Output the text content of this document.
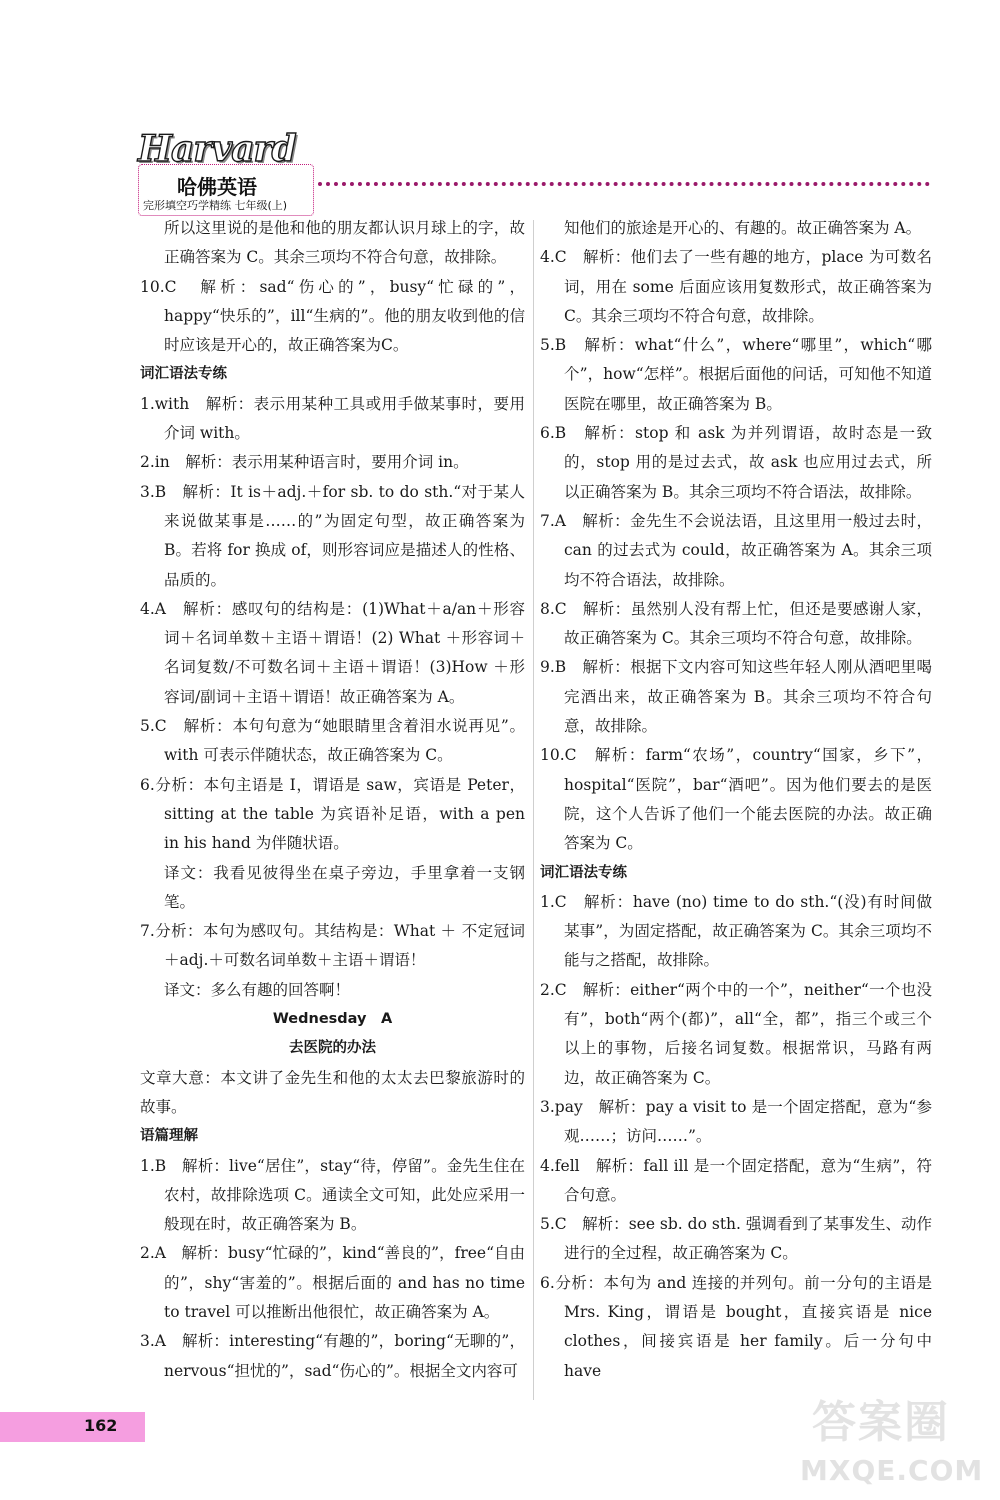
Harvard
哈佛英语
完形填空巧学精练 七年级(上)

所以这里说的是他和他的朋友都认识月球上的字，故正确答案为 C。其余三项均不符合句意，故排除。

10.C　解析：sad“伤心的”，busy“忙碌的”，happy“快乐的”，ill“生病的”。他的朋友收到他的信时应该是开心的，故正确答案为C。

词汇语法专练

1.with　解析：表示用某种工具或用手做某事时，要用介词 with。

2.in　解析：表示用某种语言时，要用介词 in。

3.B　解析：It is＋adj.＋for sb. to do sth.“对于某人来说做某事是……的”为固定句型，故正确答案为 B。若将 for 换成 of，则形容词应是描述人的性格、品质的。

4.A　解析：感叹句的结构是：(1)What＋a/an＋形容词＋名词单数＋主语＋谓语！(2) What ＋形容词＋名词复数/不可数名词＋主语＋谓语！(3)How ＋形容词/副词＋主语＋谓语！故正确答案为 A。

5.C　解析：本句句意为“她眼睛里含着泪水说再见”。with 可表示伴随状态，故正确答案为 C。

6.分析：本句主语是 I，谓语是 saw，宾语是 Peter，sitting at the table 为宾语补足语，with a pen in his hand 为伴随状语。

译文：我看见彼得坐在桌子旁边，手里拿着一支钢笔。

7.分析：本句为感叹句。其结构是：What ＋ 不定冠词 ＋adj.＋可数名词单数＋主语＋谓语！

译文：多么有趣的回答啊！

Wednesday　A

去医院的办法

文章大意：本文讲了金先生和他的太太去巴黎旅游时的故事。

语篇理解

1.B　解析：live“居住”，stay“待，停留”。金先生住在农村，故排除选项 C。通读全文可知，此处应采用一般现在时，故正确答案为 B。

2.A　解析：busy“忙碌的”，kind“善良的”，free“自由的”，shy“害羞的”。根据后面的 and has no time to travel 可以推断出他很忙，故正确答案为 A。

3.A　解析：interesting“有趣的”，boring“无聊的”，nervous“担忧的”，sad“伤心的”。根据全文内容可

知他们的旅途是开心的、有趣的。故正确答案为 A。

4.C　解析：他们去了一些有趣的地方，place 为可数名词，用在 some 后面应该用复数形式，故正确答案为 C。其余三项均不符合句意，故排除。

5.B　解析：what“什么”，where“哪里”，which“哪个”，how“怎样”。根据后面他的问话，可知他不知道医院在哪里，故正确答案为 B。

6.B　解析：stop 和 ask 为并列谓语，故时态是一致的，stop 用的是过去式，故 ask 也应用过去式，所以正确答案为 B。其余三项均不符合语法，故排除。

7.A　解析：金先生不会说法语，且这里用一般过去时，can 的过去式为 could，故正确答案为 A。其余三项均不符合语法，故排除。

8.C　解析：虽然别人没有帮上忙，但还是要感谢人家，故正确答案为 C。其余三项均不符合句意，故排除。

9.B　解析：根据下文内容可知这些年轻人刚从酒吧里喝完酒出来，故正确答案为 B。其余三项均不符合句意，故排除。

10.C　解析：farm“农场”，country“国家，乡下”，hospital“医院”，bar“酒吧”。因为他们要去的是医院，这个人告诉了他们一个能去医院的办法。故正确答案为 C。

词汇语法专练

1.C　解析：have (no) time to do sth.“(没)有时间做某事”，为固定搭配，故正确答案为 C。其余三项均不能与之搭配，故排除。

2.C　解析：either“两个中的一个”，neither“一个也没有”，both“两个(都)”，all“全，都”，指三个或三个以上的事物，后接名词复数。根据常识，马路有两边，故正确答案为 C。

3.pay　解析：pay a visit to 是一个固定搭配，意为“参观……；访问……”。

4.fell　解析：fall ill 是一个固定搭配，意为“生病”，符合句意。

5.C　解析：see sb. do sth. 强调看到了某事发生、动作进行的全过程，故正确答案为 C。

6.分析：本句为 and 连接的并列句。前一分句的主语是 Mrs. King，谓语是 bought，直接宾语是 nice clothes，间接宾语是 her family。后一分句中 have

162	答案圈
MXQE.COM
